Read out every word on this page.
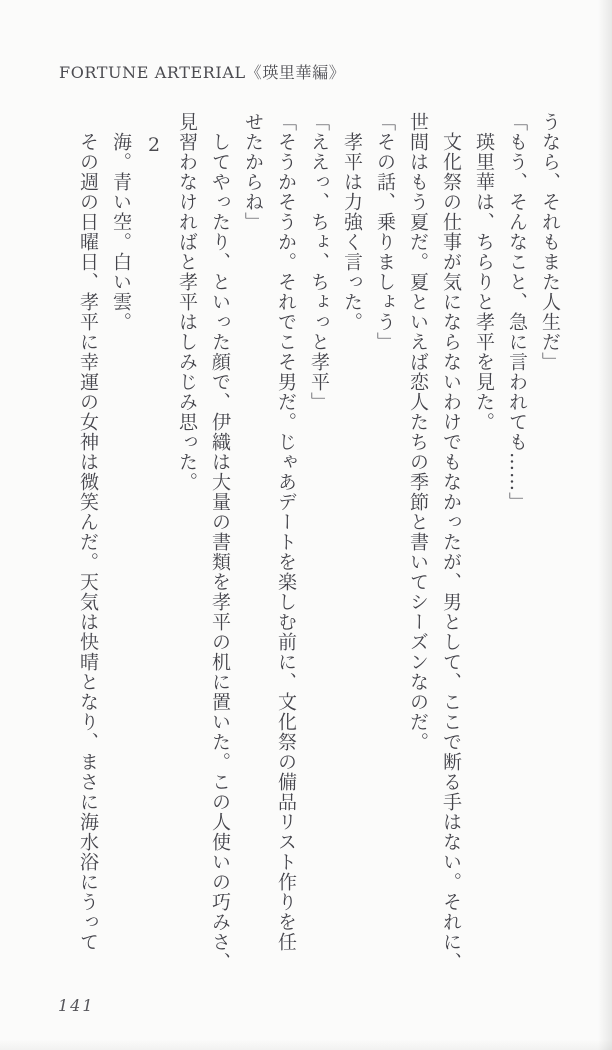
FORTUNE ARTERIAL《瑛里華編》

うなら、それもまた人生だ」

「もう、そんなこと、急に言われても……」

瑛里華は、ちらりと孝平を見た。

文化祭の仕事が気にならないわけでもなかったが、男として、ここで断る手はない。それに、

世間はもう夏だ。夏といえば恋人たちの季節と書いてシーズンなのだ。

「その話、乗りましょう」

孝平は力強く言った。

「ええっ、ちょ、ちょっと孝平」

「そうかそうか。それでこそ男だ。じゃあデートを楽しむ前に、文化祭の備品リスト作りを任

せたからね」

してやったり、といった顔で、伊織は大量の書類を孝平の机に置いた。この人使いの巧みさ、

見習わなければと孝平はしみじみ思った。

2

海。青い空。白い雲。

その週の日曜日、孝平に幸運の女神は微笑んだ。天気は快晴となり、まさに海水浴にうって

141
